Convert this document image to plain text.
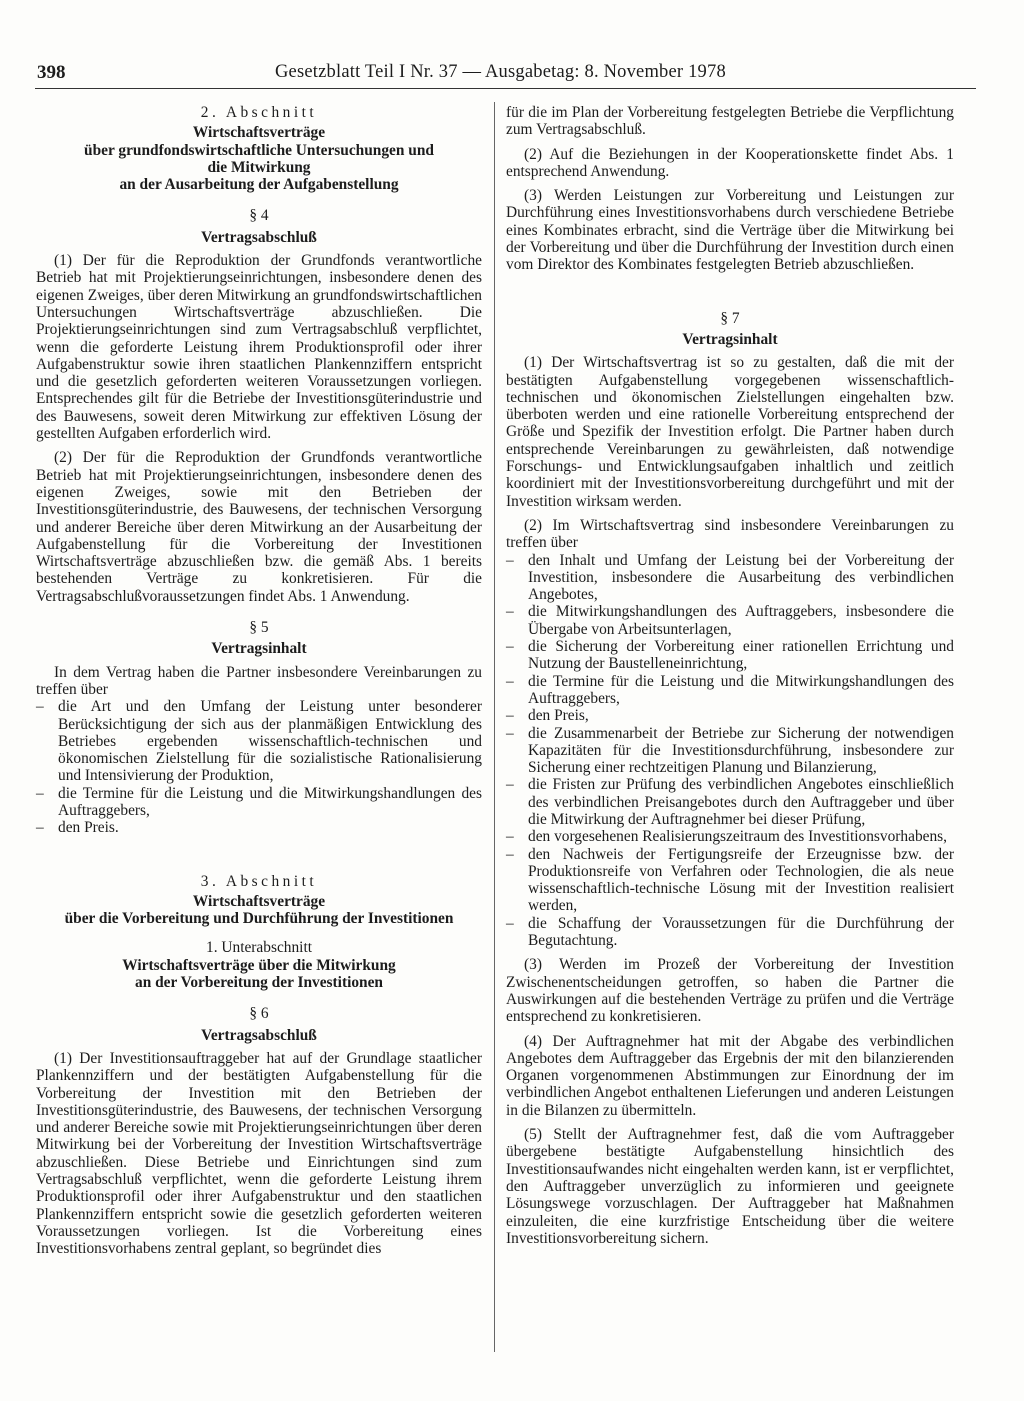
398	Gesetzblatt Teil I Nr. 37 — Ausgabetag: 8. November 1978

2. Abschnitt

Wirtschaftsverträge

über grundfondswirtschaftliche Untersuchungen und

die Mitwirkung

an der Ausarbeitung der Aufgabenstellung

§ 4

Vertragsabschluß

(1) Der für die Reproduktion der Grundfonds verantwortliche Betrieb hat mit Projektierungseinrichtungen, insbesondere denen des eigenen Zweiges, über deren Mitwirkung an grundfondswirtschaftlichen Untersuchungen Wirtschaftsverträge abzuschließen. Die Projektierungseinrichtungen sind zum Vertragsabschluß verpflichtet, wenn die geforderte Leistung ihrem Produktionsprofil oder ihrer Aufgabenstruktur sowie ihren staatlichen Plankennziffern entspricht und die gesetzlich geforderten weiteren Voraussetzungen vorliegen. Entsprechendes gilt für die Betriebe der Investitionsgüterindustrie und des Bauwesens, soweit deren Mitwirkung zur effektiven Lösung der gestellten Aufgaben erforderlich wird.

(2) Der für die Reproduktion der Grundfonds verantwortliche Betrieb hat mit Projektierungseinrichtungen, insbesondere denen des eigenen Zweiges, sowie mit den Betrieben der Investitionsgüterindustrie, des Bauwesens, der technischen Versorgung und anderer Bereiche über deren Mitwirkung an der Ausarbeitung der Aufgabenstellung für die Vorbereitung der Investitionen Wirtschaftsverträge abzuschließen bzw. die gemäß Abs. 1 bereits bestehenden Verträge zu konkretisieren. Für die Vertragsabschlußvoraussetzungen findet Abs. 1 Anwendung.

§ 5

Vertragsinhalt

In dem Vertrag haben die Partner insbesondere Vereinbarungen zu treffen über

– die Art und den Umfang der Leistung unter besonderer Berücksichtigung der sich aus der planmäßigen Entwicklung des Betriebes ergebenden wissenschaftlich-technischen und ökonomischen Zielstellung für die sozialistische Rationalisierung und Intensivierung der Produktion,
– die Termine für die Leistung und die Mitwirkungshandlungen des Auftraggebers,
– den Preis.

3. Abschnitt

Wirtschaftsverträge

über die Vorbereitung und Durchführung der Investitionen

1. Unterabschnitt

Wirtschaftsverträge über die Mitwirkung

an der Vorbereitung der Investitionen

§ 6

Vertragsabschluß

(1) Der Investitionsauftraggeber hat auf der Grundlage staatlicher Plankennziffern und der bestätigten Aufgabenstellung für die Vorbereitung der Investition mit den Betrieben der Investitionsgüterindustrie, des Bauwesens, der technischen Versorgung und anderer Bereiche sowie mit Projektierungseinrichtungen über deren Mitwirkung bei der Vorbereitung der Investition Wirtschaftsverträge abzuschließen. Diese Betriebe und Einrichtungen sind zum Vertragsabschluß verpflichtet, wenn die geforderte Leistung ihrem Produktionsprofil oder ihrer Aufgabenstruktur und den staatlichen Plankennziffern entspricht sowie die gesetzlich geforderten weiteren Voraussetzungen vorliegen. Ist die Vorbereitung eines Investitionsvorhabens zentral geplant, so begründet dies

für die im Plan der Vorbereitung festgelegten Betriebe die Verpflichtung zum Vertragsabschluß.

(2) Auf die Beziehungen in der Kooperationskette findet Abs. 1 entsprechend Anwendung.

(3) Werden Leistungen zur Vorbereitung und Leistungen zur Durchführung eines Investitionsvorhabens durch verschiedene Betriebe eines Kombinates erbracht, sind die Verträge über die Mitwirkung bei der Vorbereitung und über die Durchführung der Investition durch einen vom Direktor des Kombinates festgelegten Betrieb abzuschließen.

§ 7

Vertragsinhalt

(1) Der Wirtschaftsvertrag ist so zu gestalten, daß die mit der bestätigten Aufgabenstellung vorgegebenen wissenschaftlich-technischen und ökonomischen Zielstellungen eingehalten bzw. überboten werden und eine rationelle Vorbereitung entsprechend der Größe und Spezifik der Investition erfolgt. Die Partner haben durch entsprechende Vereinbarungen zu gewährleisten, daß notwendige Forschungs- und Entwicklungsaufgaben inhaltlich und zeitlich koordiniert mit der Investitionsvorbereitung durchgeführt und mit der Investition wirksam werden.

(2) Im Wirtschaftsvertrag sind insbesondere Vereinbarungen zu treffen über

– den Inhalt und Umfang der Leistung bei der Vorbereitung der Investition, insbesondere die Ausarbeitung des verbindlichen Angebotes,
– die Mitwirkungshandlungen des Auftraggebers, insbesondere die Übergabe von Arbeitsunterlagen,
– die Sicherung der Vorbereitung einer rationellen Errichtung und Nutzung der Baustelleneinrichtung,
– die Termine für die Leistung und die Mitwirkungshandlungen des Auftraggebers,
– den Preis,
– die Zusammenarbeit der Betriebe zur Sicherung der notwendigen Kapazitäten für die Investitionsdurchführung, insbesondere zur Sicherung einer rechtzeitigen Planung und Bilanzierung,
– die Fristen zur Prüfung des verbindlichen Angebotes einschließlich des verbindlichen Preisangebotes durch den Auftraggeber und über die Mitwirkung der Auftragnehmer bei dieser Prüfung,
– den vorgesehenen Realisierungszeitraum des Investitionsvorhabens,
– den Nachweis der Fertigungsreife der Erzeugnisse bzw. der Produktionsreife von Verfahren oder Technologien, die als neue wissenschaftlich-technische Lösung mit der Investition realisiert werden,
– die Schaffung der Voraussetzungen für die Durchführung der Begutachtung.

(3) Werden im Prozeß der Vorbereitung der Investition Zwischenentscheidungen getroffen, so haben die Partner die Auswirkungen auf die bestehenden Verträge zu prüfen und die Verträge entsprechend zu konkretisieren.

(4) Der Auftragnehmer hat mit der Abgabe des verbindlichen Angebotes dem Auftraggeber das Ergebnis der mit den bilanzierenden Organen vorgenommenen Abstimmungen zur Einordnung der im verbindlichen Angebot enthaltenen Lieferungen und anderen Leistungen in die Bilanzen zu übermitteln.

(5) Stellt der Auftragnehmer fest, daß die vom Auftraggeber übergebene bestätigte Aufgabenstellung hinsichtlich des Investitionsaufwandes nicht eingehalten werden kann, ist er verpflichtet, den Auftraggeber unverzüglich zu informieren und geeignete Lösungswege vorzuschlagen. Der Auftraggeber hat Maßnahmen einzuleiten, die eine kurzfristige Entscheidung über die weitere Investitionsvorbereitung sichern.
